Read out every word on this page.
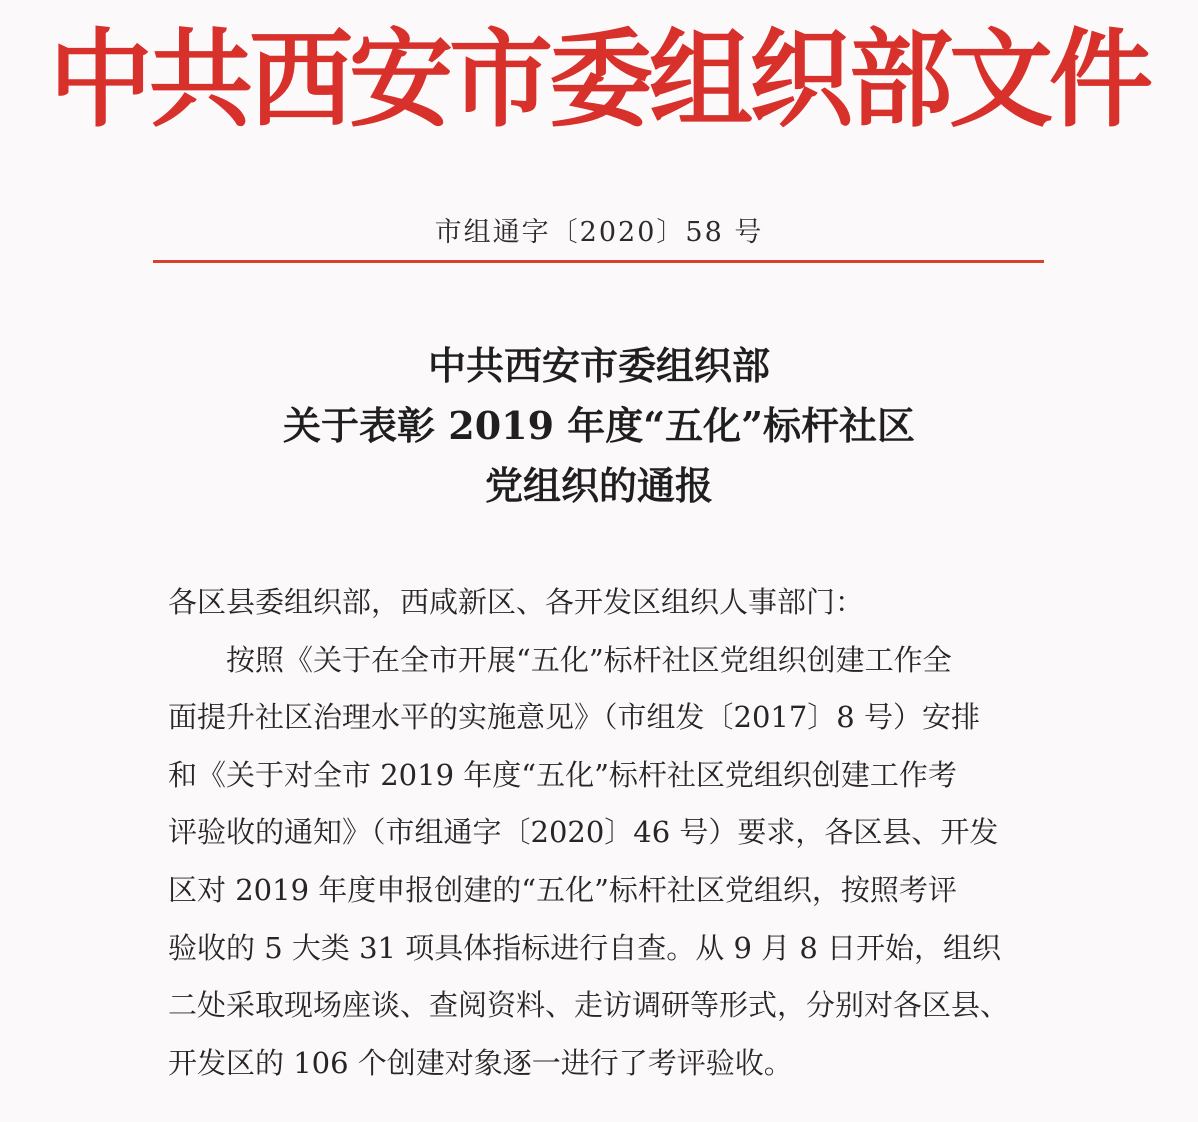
中共西安市委组织部文件
市组通字〔2020〕58 号
中共西安市委组织部
关于表彰 2019 年度“五化”标杆社区
党组织的通报
各区县委组织部，西咸新区、各开发区组织人事部门：
　　按照《关于在全市开展“五化”标杆社区党组织创建工作全
面提升社区治理水平的实施意见》（市组发〔2017〕8 号）安排
和《关于对全市 2019 年度“五化”标杆社区党组织创建工作考
评验收的通知》（市组通字〔2020〕46 号）要求，各区县、开发
区对 2019 年度申报创建的“五化”标杆社区党组织，按照考评
验收的 5 大类 31 项具体指标进行自查。从 9 月 8 日开始，组织
二处采取现场座谈、查阅资料、走访调研等形式，分别对各区县、
开发区的 106 个创建对象逐一进行了考评验收。
